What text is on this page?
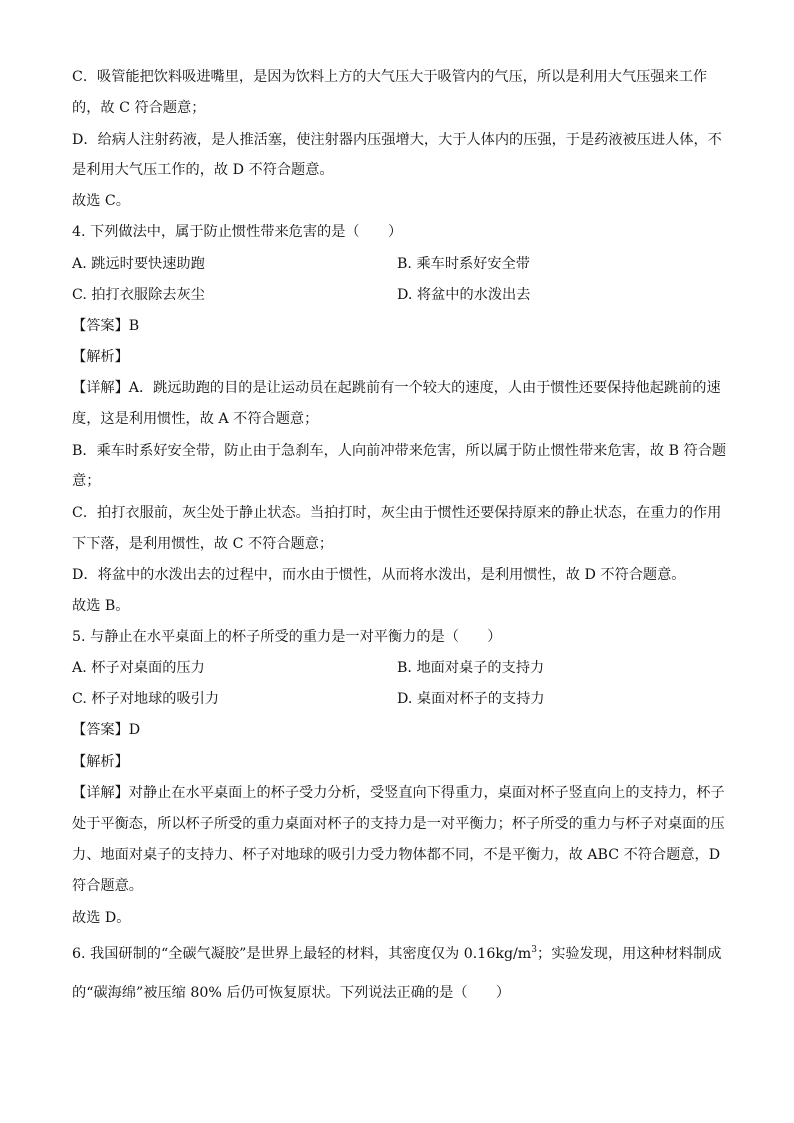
C．吸管能把饮料吸进嘴里，是因为饮料上方的大气压大于吸管内的气压，所以是利用大气压强来工作
的，故 C 符合题意；
D．给病人注射药液，是人推活塞，使注射器内压强增大，大于人体内的压强，于是药液被压进人体，不
是利用大气压工作的，故 D 不符合题意。
故选 C。
4. 下列做法中，属于防止惯性带来危害的是（　　）
A. 跳远时要快速助跑	B. 乘车时系好安全带
C. 拍打衣服除去灰尘	D. 将盆中的水泼出去
【答案】B
【解析】
【详解】A．跳远助跑的目的是让运动员在起跳前有一个较大的速度，人由于惯性还要保持他起跳前的速
度，这是利用惯性，故 A 不符合题意；
B．乘车时系好安全带，防止由于急刹车，人向前冲带来危害，所以属于防止惯性带来危害，故 B 符合题
意；
C．拍打衣服前，灰尘处于静止状态。当拍打时，灰尘由于惯性还要保持原来的静止状态，在重力的作用
下下落，是利用惯性，故 C 不符合题意；
D．将盆中的水泼出去的过程中，而水由于惯性，从而将水泼出，是利用惯性，故 D 不符合题意。
故选 B。
5. 与静止在水平桌面上的杯子所受的重力是一对平衡力的是（　　）
A. 杯子对桌面的压力	B. 地面对桌子的支持力
C. 杯子对地球的吸引力	D. 桌面对杯子的支持力
【答案】D
【解析】
【详解】对静止在水平桌面上的杯子受力分析，受竖直向下得重力，桌面对杯子竖直向上的支持力，杯子
处于平衡态，所以杯子所受的重力桌面对杯子的支持力是一对平衡力；杯子所受的重力与杯子对桌面的压
力、地面对桌子的支持力、杯子对地球的吸引力受力物体都不同，不是平衡力，故 ABC 不符合题意，D
符合题意。
故选 D。
6. 我国研制的“全碳气凝胶”是世界上最轻的材料，其密度仅为 $0.16kg/m^3$；实验发现，用这种材料制成
的“碳海绵”被压缩 80% 后仍可恢复原状。下列说法正确的是（　　）
